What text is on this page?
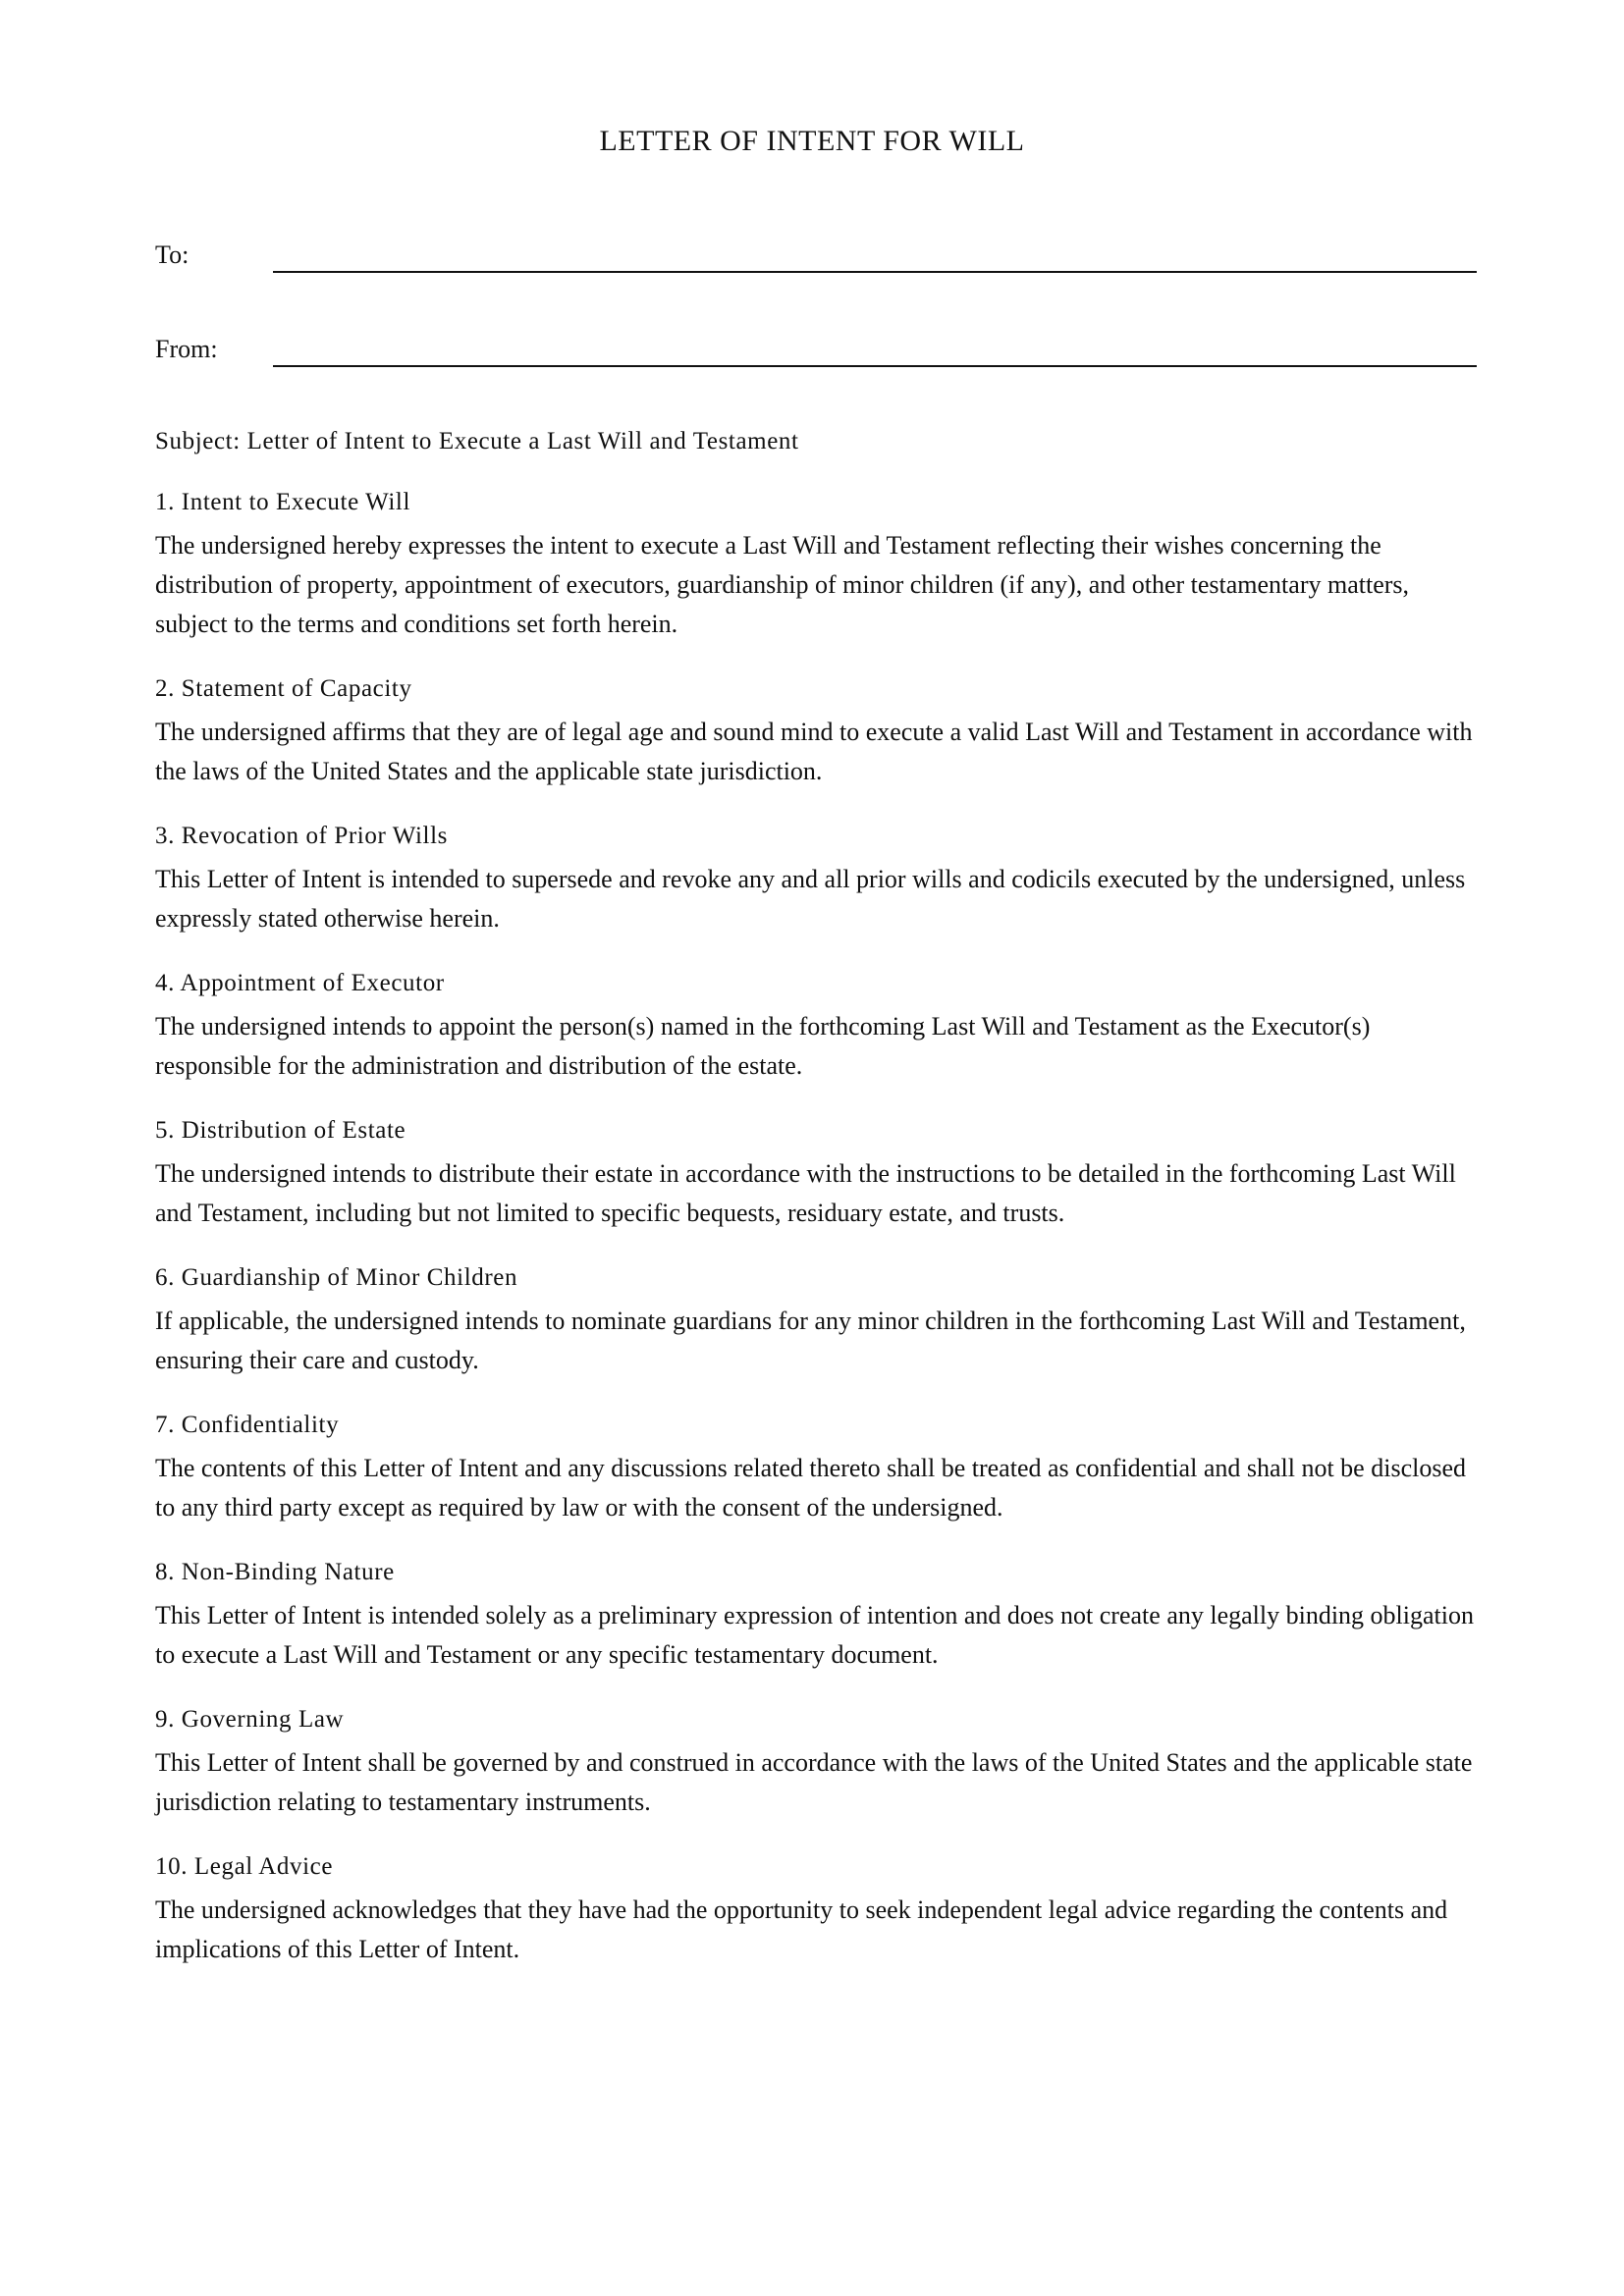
LETTER OF INTENT FOR WILL
To:
From:

Subject: Letter of Intent to Execute a Last Will and Testament

1. Intent to Execute Will

The undersigned hereby expresses the intent to execute a Last Will and Testament reflecting their wishes concerning the distribution of property, appointment of executors, guardianship of minor children (if any), and other testamentary matters, subject to the terms and conditions set forth herein.

2. Statement of Capacity

The undersigned affirms that they are of legal age and sound mind to execute a valid Last Will and Testament in accordance with the laws of the United States and the applicable state jurisdiction.

3. Revocation of Prior Wills

This Letter of Intent is intended to supersede and revoke any and all prior wills and codicils executed by the undersigned, unless expressly stated otherwise herein.

4. Appointment of Executor

The undersigned intends to appoint the person(s) named in the forthcoming Last Will and Testament as the Executor(s) responsible for the administration and distribution of the estate.

5. Distribution of Estate

The undersigned intends to distribute their estate in accordance with the instructions to be detailed in the forthcoming Last Will and Testament, including but not limited to specific bequests, residuary estate, and trusts.

6. Guardianship of Minor Children

If applicable, the undersigned intends to nominate guardians for any minor children in the forthcoming Last Will and Testament, ensuring their care and custody.

7. Confidentiality

The contents of this Letter of Intent and any discussions related thereto shall be treated as confidential and shall not be disclosed to any third party except as required by law or with the consent of the undersigned.

8. Non-Binding Nature

This Letter of Intent is intended solely as a preliminary expression of intention and does not create any legally binding obligation to execute a Last Will and Testament or any specific testamentary document.

9. Governing Law

This Letter of Intent shall be governed by and construed in accordance with the laws of the United States and the applicable state jurisdiction relating to testamentary instruments.

10. Legal Advice

The undersigned acknowledges that they have had the opportunity to seek independent legal advice regarding the contents and implications of this Letter of Intent.
